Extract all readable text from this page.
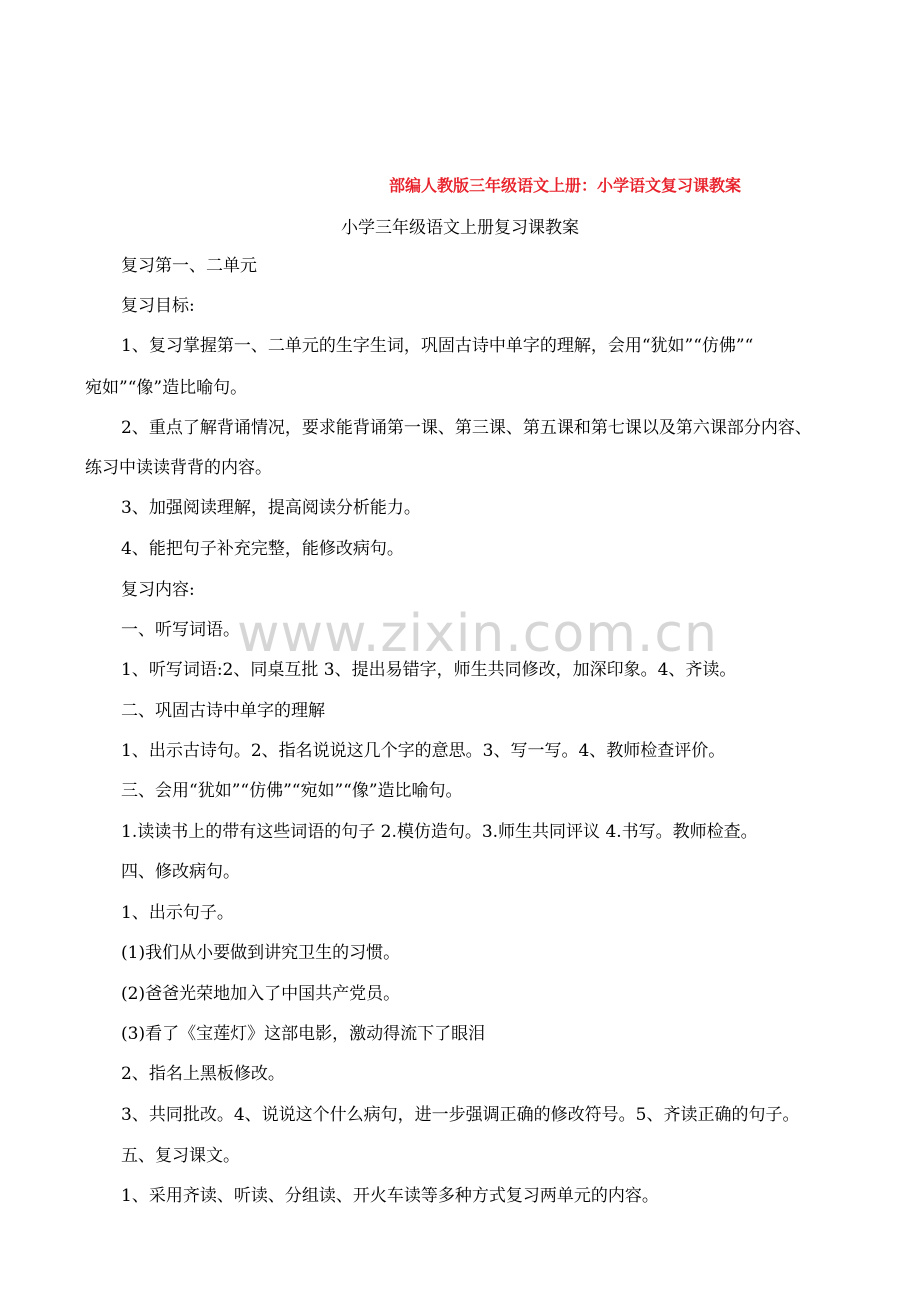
www.zixin.com.cn
部编人教版三年级语文上册：小学语文复习课教案
小学三年级语文上册复习课教案
复习第一、二单元
复习目标:
1、复习掌握第一、二单元的生字生词，巩固古诗中单字的理解，会用“犹如”“仿佛”“
宛如”“像”造比喻句。
2、重点了解背诵情况，要求能背诵第一课、第三课、第五课和第七课以及第六课部分内容、
练习中读读背背的内容。
3、加强阅读理解，提高阅读分析能力。
4、能把句子补充完整，能修改病句。
复习内容:
一、听写词语。
1、听写词语:2、同桌互批 3、提出易错字，师生共同修改，加深印象。4、齐读。
二、巩固古诗中单字的理解
1、出示古诗句。2、指名说说这几个字的意思。3、写一写。4、教师检查评价。
三、会用“犹如”“仿佛”“宛如”“像”造比喻句。
1.读读书上的带有这些词语的句子 2.模仿造句。3.师生共同评议 4.书写。教师检查。
四、修改病句。
1、出示句子。
(1)我们从小要做到讲究卫生的习惯。
(2)爸爸光荣地加入了中国共产党员。
(3)看了《宝莲灯》这部电影，激动得流下了眼泪
2、指名上黑板修改。
3、共同批改。4、说说这个什么病句，进一步强调正确的修改符号。5、齐读正确的句子。
五、复习课文。
1、采用齐读、听读、分组读、开火车读等多种方式复习两单元的内容。
